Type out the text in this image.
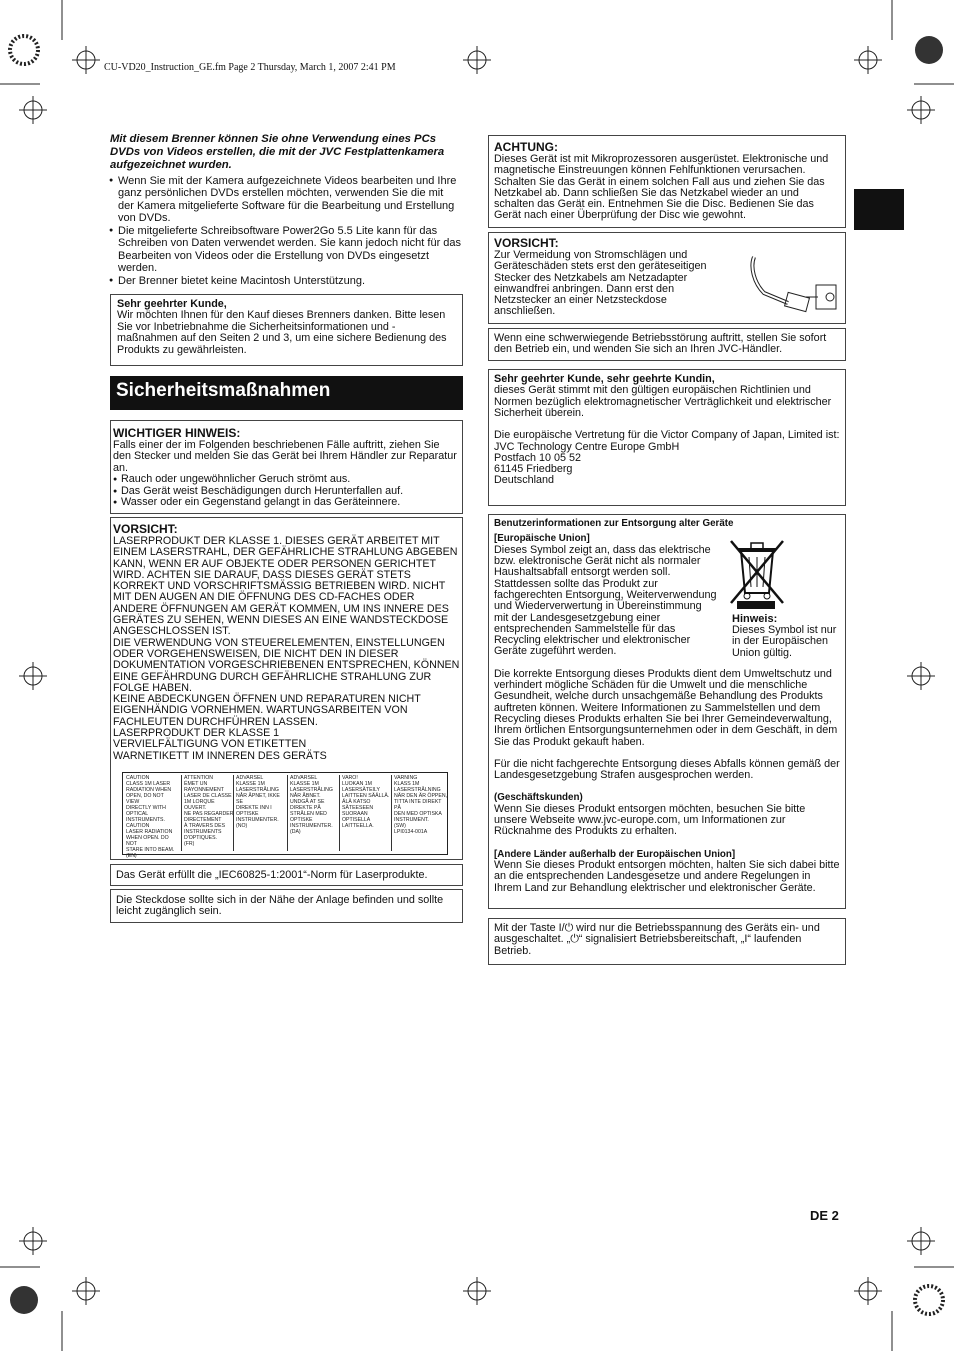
CU-VD20_Instruction_GE.fm Page 2 Thursday, March 1, 2007 2:41 PM
Mit diesem Brenner können Sie ohne Verwendung eines PCs DVDs von Videos erstellen, die mit der JVC Festplattenkamera aufgezeichnet wurden.
● Wenn Sie mit der Kamera aufgezeichnete Videos bearbeiten und Ihre ganz persönlichen DVDs erstellen möchten, verwenden Sie die mit der Kamera mitgelieferte Software für die Bearbeitung und Erstellung von DVDs.
● Die mitgelieferte Schreibsoftware Power2Go 5.5 Lite kann für das Schreiben von Daten verwendet werden. Sie kann jedoch nicht für das Bearbeiten von Videos oder die Erstellung von DVDs eingesetzt werden.
● Der Brenner bietet keine Macintosh Unterstützung.
Sehr geehrter Kunde,
Wir möchten Ihnen für den Kauf dieses Brenners danken. Bitte lesen Sie vor Inbetriebnahme die Sicherheitsinformationen und -maßnahmen auf den Seiten 2 und 3, um eine sichere Bedienung des Produkts zu gewährleisten.
Sicherheitsmaßnahmen
WICHTIGER HINWEIS:
Falls einer der im Folgenden beschriebenen Fälle auftritt, ziehen Sie den Stecker und melden Sie das Gerät bei Ihrem Händler zur Reparatur an.
● Rauch oder ungewöhnlicher Geruch strömt aus.
● Das Gerät weist Beschädigungen durch Herunterfallen auf.
● Wasser oder ein Gegenstand gelangt in das Geräteinnere.
VORSICHT:
LASERPRODUKT DER KLASSE 1. DIESES GERÄT ARBEITET MIT EINEM LASERSTRAHL, DER GEFÄHRLICHE STRAHLUNG ABGEBEN KANN, WENN ER AUF OBJEKTE ODER PERSONEN GERICHTET WIRD. ACHTEN SIE DARAUF, DASS DIESES GERÄT STETS KORREKT UND VORSCHRIFTSMÄSSIG BETRIEBEN WIRD. NICHT MIT DEN AUGEN AN DIE ÖFFNUNG DES CD-FACHES ODER ANDERE ÖFFNUNGEN AM GERÄT KOMMEN, UM INS INNERE DES GERÄTES ZU SEHEN, WENN DIESES AN EINE WANDSTECKDOSE ANGESCHLOSSEN IST.
DIE VERWENDUNG VON STEUERELEMENTEN, EINSTELLUNGEN ODER VORGEHENSWEISEN, DIE NICHT DEN IN DIESER DOKUMENTATION VORGESCHRIEBENEN ENTSPRECHEN, KÖNNEN EINE GEFÄHRDUNG DURCH GEFÄHRLICHE STRAHLUNG ZUR FOLGE HABEN.
KEINE ABDECKUNGEN ÖFFNEN UND REPARATUREN NICHT EIGENHÄNDIG VORNEHMEN. WARTUNGSARBEITEN VON FACHLEUTEN DURCHFÜHREN LASSEN.
LASERPRODUKT DER KLASSE 1
VERVIELFÄLTIGUNG VON ETIKETTEN
WARNETIKETT IM INNEREN DES GERÄTS
CAUTION
CLASS 1M LASER
RADIATION WHEN
OPEN, DO NOT VIEW
DIRECTLY WITH
OPTICAL INSTRUMENTS.
CAUTION
LASER RADIATION
WHEN OPEN. DO NOT
STARE INTO BEAM.(EN)
ATTENTION
ÉMET UN
RAYONNEMENT
LASER DE CLASSE
1M LORQUE OUVERT.
NE PAS REGARDER
DIRECTEMENT
À TRAVERS DES
INSTRUMENTS
D'OPTIQUES.
(FR)
ADVARSEL
KLASSE 1M
LASERSTRÅLING
NÅR ÅPNET, IKKE SE
DIREKTE INN I OPTISKE
INSTRUMENTER.
(NO)
ADVARSEL
KLASSE 1M
LASERSTRÅLING
NÅR ÅBNET.
UNDGÅ AT SE
DIREKTE PÅ
STRÅLEN MED
OPTISKE
INSTRUMENTER.
(DA)
VARO!
LUOKAN 1M
LASERSÄTEILY
LAITTEEN SÄÄLLÄ.
ÄLÄ KATSO
SÄTEESEEN
SUORAAN OPTISELLA
LAITTEELLA.
VARNING
KLASS 1M
LASERSTRÅLNING
NÄR DEN ÄR ÖPPEN,
TITTA INTE DIREKT PÅ
DEN MED OPTISKA
INSTRUMENT.
(SW)
LPI0134-001A
Das Gerät erfüllt die „IEC60825-1:2001“-Norm für Laserprodukte.
Die Steckdose sollte sich in der Nähe der Anlage befinden und sollte leicht zugänglich sein.
ACHTUNG:
Dieses Gerät ist mit Mikroprozessoren ausgerüstet. Elektronische und magnetische Einstreuungen können Fehlfunktionen verursachen. Schalten Sie das Gerät in einem solchen Fall aus und ziehen Sie das Netzkabel ab. Dann schließen Sie das Netzkabel wieder an und schalten das Gerät ein. Entnehmen Sie die Disc. Bedienen Sie das Gerät nach einer Überprüfung der Disc wie gewohnt.
VORSICHT:
Zur Vermeidung von Stromschlägen und Geräteschäden stets erst den geräteseitigen Stecker des Netzkabels am Netzadapter einwandfrei anbringen. Dann erst den Netzstecker an einer Netzsteckdose anschließen.
Wenn eine schwerwiegende Betriebsstörung auftritt, stellen Sie sofort den Betrieb ein, und wenden Sie sich an Ihren JVC-Händler.
Sehr geehrter Kunde, sehr geehrte Kundin,
dieses Gerät stimmt mit den gültigen europäischen Richtlinien und Normen bezüglich elektromagnetischer Verträglichkeit und elektrischer Sicherheit überein.
Die europäische Vertretung für die Victor Company of Japan, Limited ist:
JVC Technology Centre Europe GmbH
Postfach 10 05 52
61145 Friedberg
Deutschland
Benutzerinformationen zur Entsorgung alter Geräte
[Europäische Union]
Dieses Symbol zeigt an, dass das elektrische bzw. elektronische Gerät nicht als normaler Haushaltsabfall entsorgt werden soll. Stattdessen sollte das Produkt zur fachgerechten Entsorgung, Weiterverwendung und Wiederverwertung in Übereinstimmung mit der Landesgesetzgebung einer entsprechenden Sammelstelle für das Recycling elektrischer und elektronischer Geräte zugeführt werden.
Die korrekte Entsorgung dieses Produkts dient dem Umweltschutz und verhindert mögliche Schäden für die Umwelt und die menschliche Gesundheit, welche durch unsachgemäße Behandlung des Produkts auftreten können. Weitere Informationen zu Sammelstellen und dem Recycling dieses Produkts erhalten Sie bei Ihrer Gemeindeverwaltung, Ihrem örtlichen Entsorgungsunternehmen oder in dem Geschäft, in dem Sie das Produkt gekauft haben.
Für die nicht fachgerechte Entsorgung dieses Abfalls können gemäß der Landesgesetzgebung Strafen ausgesprochen werden.
(Geschäftskunden)
Wenn Sie dieses Produkt entsorgen möchten, besuchen Sie bitte unsere Webseite www.jvc-europe.com, um Informationen zur Rücknahme des Produkts zu erhalten.
[Andere Länder außerhalb der Europäischen Union]
Wenn Sie dieses Produkt entsorgen möchten, halten Sie sich dabei bitte an die entsprechenden Landesgesetze und andere Regelungen in Ihrem Land zur Behandlung elektrischer und elektronischer Geräte.
Hinweis:
Dieses Symbol ist nur in der Europäischen Union gültig.
Mit der Taste I/⏻ wird nur die Betriebsspannung des Geräts ein- und ausgeschaltet. „⏻“ signalisiert Betriebsbereitschaft, „I“ laufenden Betrieb.
DE 2
